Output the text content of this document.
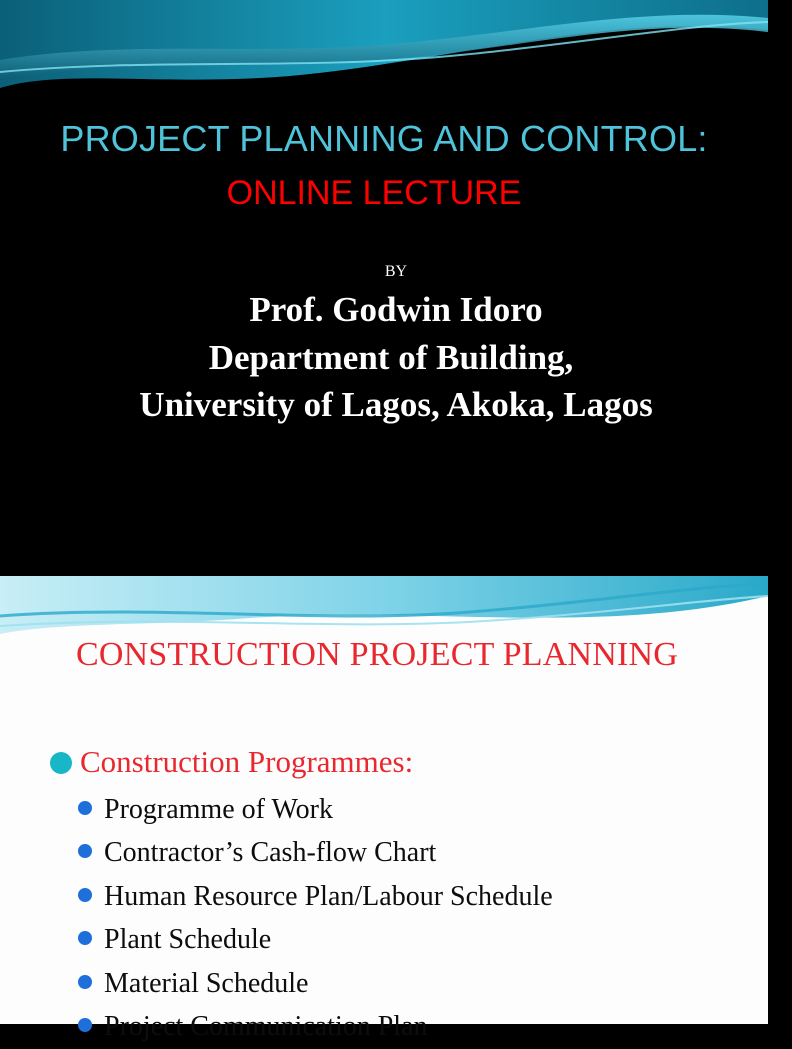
PROJECT PLANNING AND CONTROL:
ONLINE LECTURE
BY
Prof. Godwin Idoro
Department of Building,
University of Lagos, Akoka, Lagos
CONSTRUCTION PROJECT PLANNING
Construction Programmes:
Programme of Work
Contractor’s Cash-flow Chart
Human Resource Plan/Labour Schedule
Plant Schedule
Material Schedule
Project Communication Plan
